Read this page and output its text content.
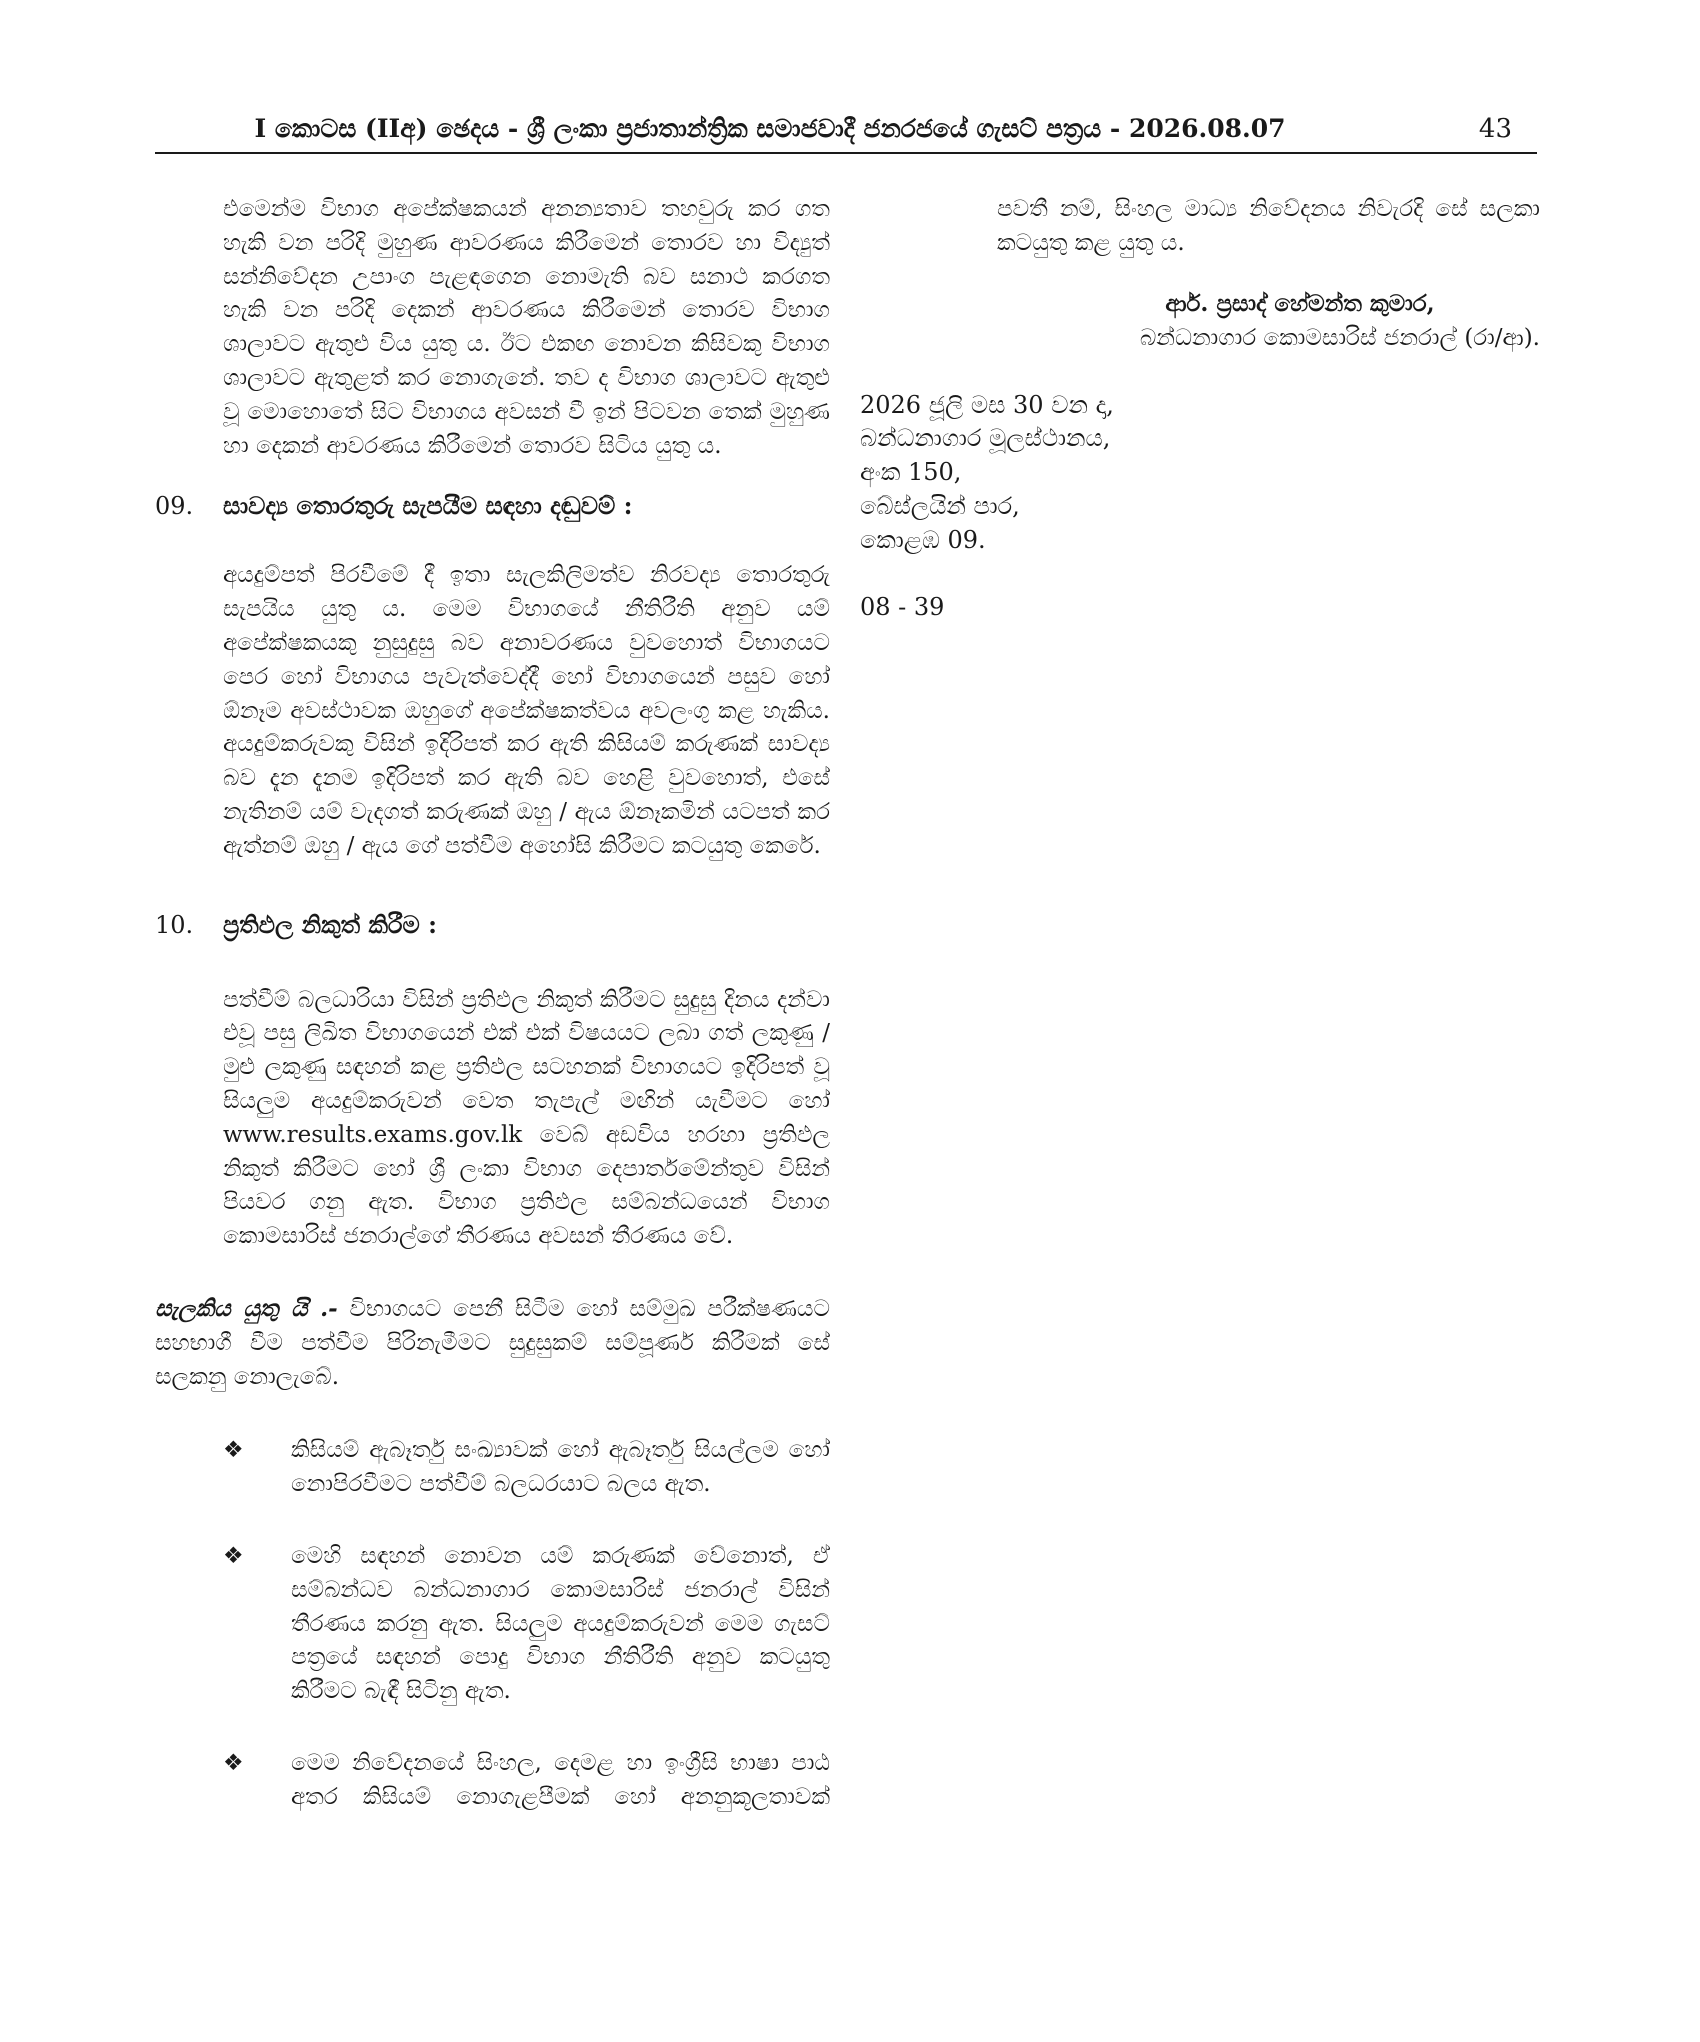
I කොටස (IIඅ) ඡෙදය - ශ්‍රී ලංකා ප්‍රජාතාන්ත්‍රික සමාජවාදී ජනරජයේ ගැසට් පත්‍රය - 2026.08.07	43

එමෙන්ම විභාග අපේක්ෂකයන් අනන්‍යතාව තහවුරු කර ගත හැකි වන පරිදි මුහුණ ආවරණය කිරීමෙන් තොරව හා විද්‍යුත් සන්නිවේදන උපාංග පැළඳගෙන නොමැති බව සනාථ කරගත හැකි වන පරිදි දෙකන් ආවරණය කිරීමෙන් තොරව විභාග ශාලාවට ඇතුළු විය යුතු ය. ඊට එකඟ නොවන කිසිවකු විභාග ශාලාවට ඇතුළත් කර නොගැනේ. තව ද විභාග ශාලාවට ඇතුළු වූ මොහොතේ සිට විභාගය අවසන් වී ඉන් පිටවන තෙක් මුහුණ හා දෙකන් ආවරණය කිරීමෙන් තොරව සිටිය යුතු ය.

09.	සාවද්‍ය තොරතුරු සැපයීම සඳහා දඬුවම් :

අයදුම්පත් පිරවීමේ දී ඉතා සැලකිලිමත්ව නිරවද්‍ය තොරතුරු සැපයිය යුතු ය. මෙම විභාගයේ නීතිරීති අනුව යම් අපේක්ෂකයකු නුසුදුසු බව අනාවරණය වුවහොත් විභාගයට පෙර හෝ විභාගය පැවැත්වෙද්දී හෝ විභාගයෙන් පසුව හෝ ඕනෑම අවස්ථාවක ඔහුගේ අපේක්ෂකත්වය අවලංගු කළ හැකිය. අයදුම්කරුවකු විසින් ඉදිරිපත් කර ඇති කිසියම් කරුණක් සාවද්‍ය බව දැන දැනම ඉදිරිපත් කර ඇති බව හෙළි වුවහොත්, එසේ නැතිනම් යම් වැදගත් කරුණක් ඔහු / ඇය ඕනෑකමින් යටපත් කර ඇත්නම් ඔහු / ඇය ගේ පත්වීම අහෝසි කිරීමට කටයුතු කෙරේ.

10.	ප්‍රතිඵල නිකුත් කිරීම :

පත්වීම් බලධාරියා විසින් ප්‍රතිඵල නිකුත් කිරීමට සුදුසු දිනය දන්වා එවූ පසු ලිඛිත විභාගයෙන් එක් එක් විෂයයට ලබා ගත් ලකුණු / මුළු ලකුණු සඳහන් කළ ප්‍රතිඵල සටහනක් විභාගයට ඉදිරිපත් වූ සියලුම අයදුම්කරුවන් වෙත තැපැල් මඟින් යැවීමට හෝ www.results.exams.gov.lk වෙබ් අඩවිය හරහා ප්‍රතිඵල නිකුත් කිරීමට හෝ ශ්‍රී ලංකා විභාග දෙපාර්තමේන්තුව විසින් පියවර ගනු ඇත. විභාග ප්‍රතිඵල සම්බන්ධයෙන් විභාග කොමසාරිස් ජනරාල්ගේ තීරණය අවසන් තීරණය වේ.

සැලකිය යුතු යි .- විභාගයට පෙනී සිටීම හෝ සම්මුඛ පරීක්ෂණයට සහභාගී වීම පත්වීම පිරිනැමීමට සුදුසුකම් සම්පූර්ණ කිරීමක් සේ සලකනු නොලැබේ.

❖	කිසියම් ඇබෑර්තු සංඛ්‍යාවක් හෝ ඇබෑර්තු සියල්ලම හෝ නොපිරවීමට පත්වීම් බලධරයාට බලය ඇත.
❖	මෙහි සඳහන් නොවන යම් කරුණක් වේනොත්, ඒ සම්බන්ධව බන්ධනාගාර කොමසාරිස් ජනරාල් විසින් තීරණය කරනු ඇත. සියලුම අයදුම්කරුවන් මෙම ගැසට් පත්‍රයේ සඳහන් පොදු විභාග නීතිරීති අනුව කටයුතු කිරීමට බැඳී සිටිනු ඇත.
❖	මෙම නිවේදනයේ සිංහල, දෙමළ හා ඉංග්‍රීසි භාෂා පාඨ අතර කිසියම් නොගැළපීමක් හෝ අනනුකූලතාවක්

පවතී නම්, සිංහල මාධ්‍ය නිවේදනය නිවැරදි සේ සලකා කටයුතු කළ යුතු ය.

ආර්. ප්‍රසාද් හේමන්ත කුමාර,
බන්ධනාගාර කොමසාරිස් ජනරාල් (රා/ආ).
2026 ජූලි මස 30 වන දා,
බන්ධනාගාර මූලස්ථානය,
අංක 150,
බේස්ලයින් පාර,
කොළඹ 09.
08 - 39
